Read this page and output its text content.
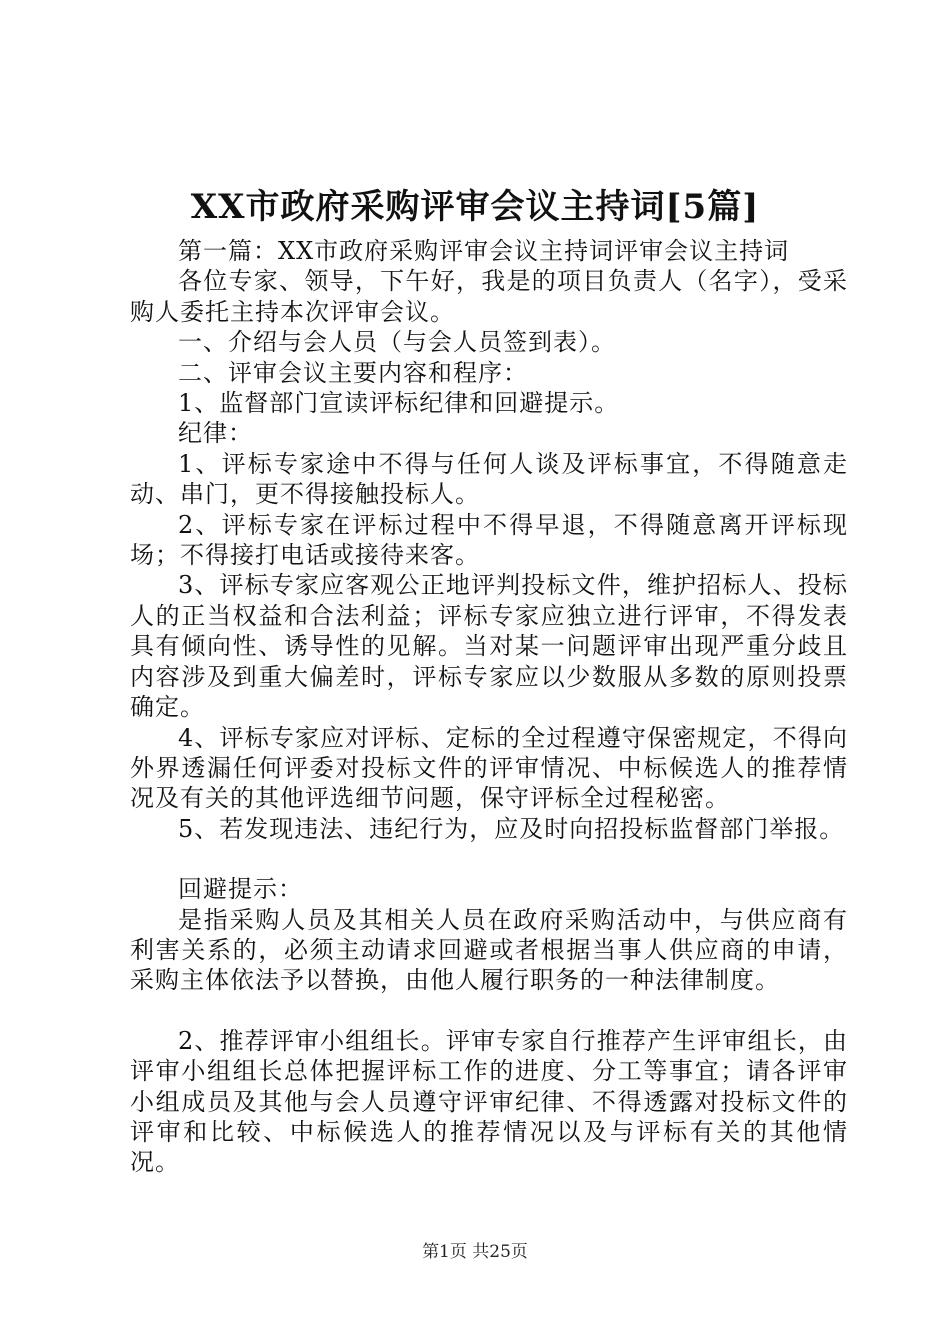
XX市政府采购评审会议主持词[5篇]

第一篇：XX市政府采购评审会议主持词评审会议主持词

各位专家、领导，下午好，我是的项目负责人（名字），受采购人委托主持本次评审会议。

一、介绍与会人员（与会人员签到表）。

二、评审会议主要内容和程序：

1、监督部门宣读评标纪律和回避提示。

纪律：

1、评标专家途中不得与任何人谈及评标事宜，不得随意走动、串门，更不得接触投标人。

2、评标专家在评标过程中不得早退，不得随意离开评标现场；不得接打电话或接待来客。

3、评标专家应客观公正地评判投标文件，维护招标人、投标人的正当权益和合法利益；评标专家应独立进行评审，不得发表具有倾向性、诱导性的见解。当对某一问题评审出现严重分歧且内容涉及到重大偏差时，评标专家应以少数服从多数的原则投票确定。

4、评标专家应对评标、定标的全过程遵守保密规定，不得向外界透漏任何评委对投标文件的评审情况、中标候选人的推荐情况及有关的其他评选细节问题，保守评标全过程秘密。

5、若发现违法、违纪行为，应及时向招投标监督部门举报。

回避提示：

是指采购人员及其相关人员在政府采购活动中，与供应商有利害关系的，必须主动请求回避或者根据当事人供应商的申请，采购主体依法予以替换，由他人履行职务的一种法律制度。

2、推荐评审小组组长。评审专家自行推荐产生评审组长，由评审小组组长总体把握评标工作的进度、分工等事宜；请各评审小组成员及其他与会人员遵守评审纪律、不得透露对投标文件的评审和比较、中标候选人的推荐情况以及与评标有关的其他情况。

第1页 共25页
